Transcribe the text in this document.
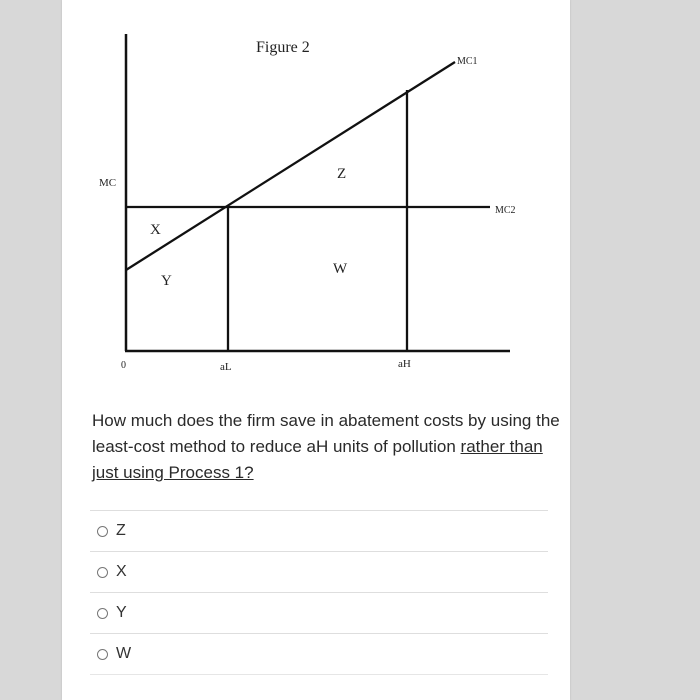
Figure 2
MC1
MC2
MC
Z
X
W
Y
0	aL	aH
How much does the firm save in abatement costs by using the least-cost method to reduce aH units of pollution rather than just using Process 1?
Z
X
Y
W
